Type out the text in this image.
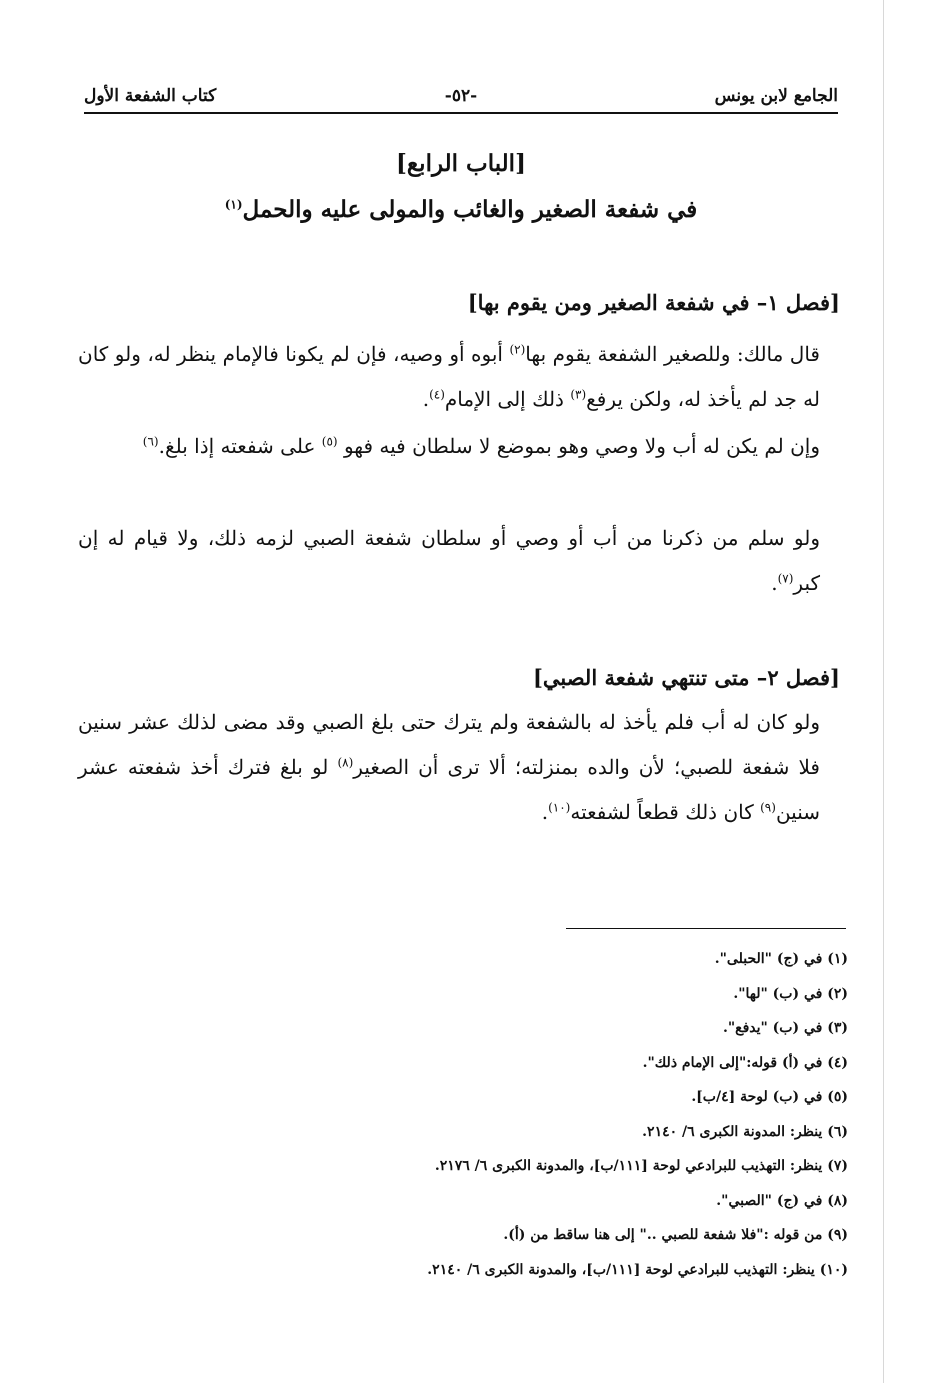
الجامع لابن يونس
-٥٢-
كتاب الشفعة الأول
[الباب الرابع]
في شفعة الصغير والغائب والمولى عليه والحمل$^{(١)}$
[فصل ١– في شفعة الصغير ومن يقوم بها]

قال مالك: وللصغير الشفعة يقوم بها$^{(٢)}$ أبوه أو وصيه، فإن لم يكونا فالإمام ينظر له، ولو كان له جد لم يأخذ له، ولكن يرفع$^{(٣)}$ ذلك إلى الإمام$^{(٤)}$.

وإن لم يكن له أب ولا وصي وهو بموضع لا سلطان فيه فهو $^{(٥)}$ على شفعته إذا بلغ.$^{(٦)}$

ولو سلم من ذكرنا من أب أو وصي أو سلطان شفعة الصبي لزمه ذلك، ولا قيام له إن كبر$^{(٧)}$.

[فصل ٢– متى تنتهي شفعة الصبي]

ولو كان له أب فلم يأخذ له بالشفعة ولم يترك حتى بلغ الصبي وقد مضى لذلك عشر سنين فلا شفعة للصبي؛ لأن والده بمنزلته؛ ألا ترى أن الصغير$^{(٨)}$ لو بلغ فترك أخذ شفعته عشر سنين$^{(٩)}$ كان ذلك قطعاً لشفعته$^{(١٠)}$.

(١) في (ج) "الحبلى".
(٢) في (ب) "لها".
(٣) في (ب) "يدفع".
(٤) في (أ) قوله:"إلى الإمام ذلك".
(٥) في (ب) لوحة [٤/ب].
(٦) ينظر: المدونة الكبرى ٦/ ٢١٤٠.
(٧) ينظر: التهذيب للبرادعي لوحة [١١١/ب]، والمدونة الكبرى ٦/ ٢١٧٦.
(٨) في (ج) "الصبي".
(٩) من قوله :"فلا شفعة للصبي .." إلى هنا ساقط من (أ).
(١٠) ينظر: التهذيب للبرادعي لوحة [١١١/ب]، والمدونة الكبرى ٦/ ٢١٤٠.
